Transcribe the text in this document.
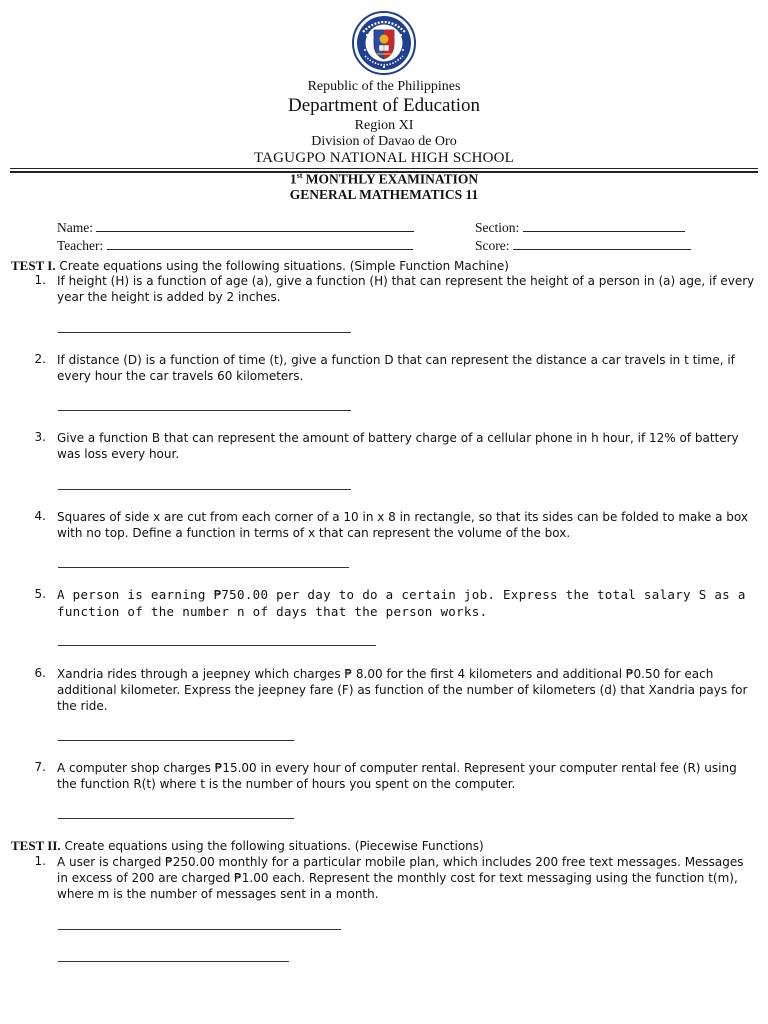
Republic of the Philippines
Department of Education
Region XI
Division of Davao de Oro
TAGUGPO NATIONAL HIGH SCHOOL
1st MONTHLY EXAMINATION
GENERAL MATHEMATICS 11
Name:
Teacher:
Section:
Score:
TEST I. Create equations using the following situations. (Simple Function Machine)
1. If height (H) is a function of age (a), give a function (H) that can represent the height of a person in (a) age, if every year the height is added by 2 inches.
2. If distance (D) is a function of time (t), give a function D that can represent the distance a car travels in t time, if every hour the car travels 60 kilometers.
3. Give a function B that can represent the amount of battery charge of a cellular phone in h hour, if 12% of battery was loss every hour.
4. Squares of side x are cut from each corner of a 10 in x 8 in rectangle, so that its sides can be folded to make a box with no top. Define a function in terms of x that can represent the volume of the box.
5. A person is earning ₱750.00 per day to do a certain job. Express the total salary S as a function of the number n of days that the person works.
6. Xandria rides through a jeepney which charges ₱ 8.00 for the first 4 kilometers and additional ₱0.50 for each additional kilometer. Express the jeepney fare (F) as function of the number of kilometers (d) that Xandria pays for the ride.
7. A computer shop charges ₱15.00 in every hour of computer rental. Represent your computer rental fee (R) using the function R(t) where t is the number of hours you spent on the computer.
TEST II. Create equations using the following situations. (Piecewise Functions)
1. A user is charged ₱250.00 monthly for a particular mobile plan, which includes 200 free text messages. Messages in excess of 200 are charged ₱1.00 each. Represent the monthly cost for text messaging using the function t(m), where m is the number of messages sent in a month.
